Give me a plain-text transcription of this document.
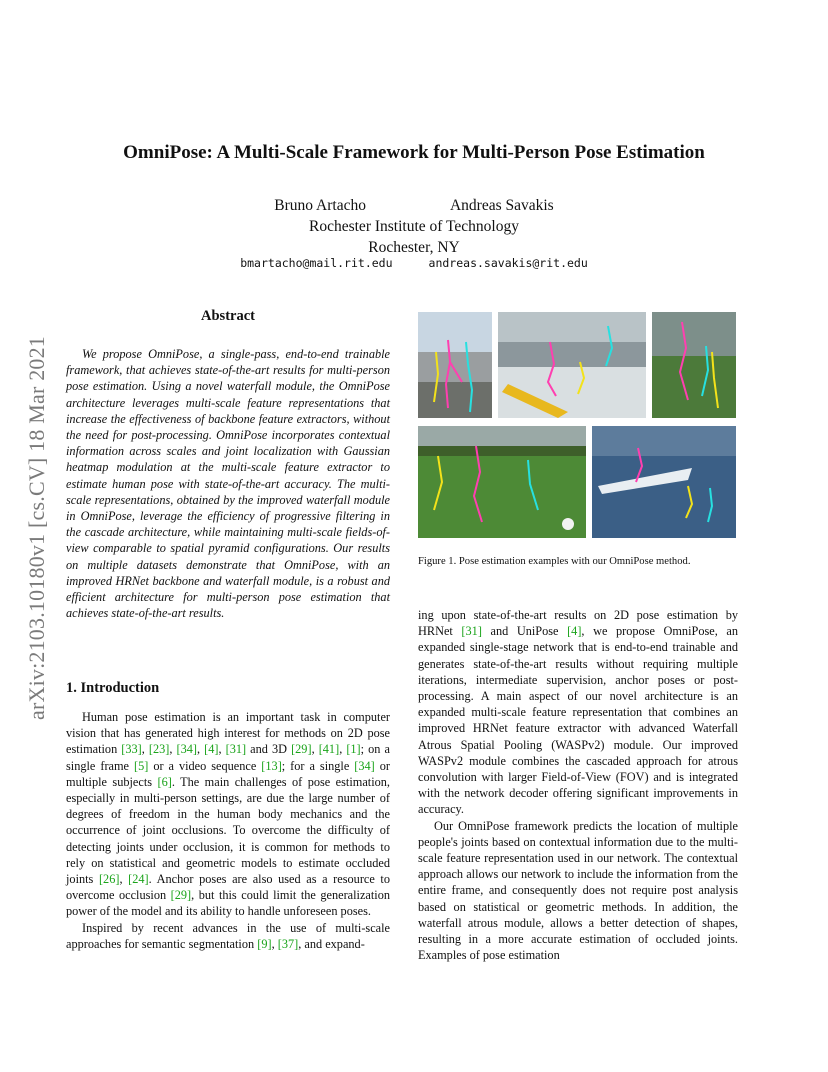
arXiv:2103.10180v1 [cs.CV] 18 Mar 2021
OmniPose: A Multi-Scale Framework for Multi-Person Pose Estimation
Bruno Artacho	Andreas Savakis
Rochester Institute of Technology
Rochester, NY
bmartacho@mail.rit.edu	andreas.savakis@rit.edu
Abstract
We propose OmniPose, a single-pass, end-to-end trainable framework, that achieves state-of-the-art results for multi-person pose estimation. Using a novel waterfall module, the OmniPose architecture leverages multi-scale feature representations that increase the effectiveness of backbone feature extractors, without the need for post-processing. OmniPose incorporates contextual information across scales and joint localization with Gaussian heatmap modulation at the multi-scale feature extractor to estimate human pose with state-of-the-art accuracy. The multi-scale representations, obtained by the improved waterfall module in OmniPose, leverage the efficiency of progressive filtering in the cascade architecture, while maintaining multi-scale fields-of-view comparable to spatial pyramid configurations. Our results on multiple datasets demonstrate that OmniPose, with an improved HRNet backbone and waterfall module, is a robust and efficient architecture for multi-person pose estimation that achieves state-of-the-art results.
1. Introduction

Human pose estimation is an important task in computer vision that has generated high interest for methods on 2D pose estimation [33], [23], [34], [4], [31] and 3D [29], [41], [1]; on a single frame [5] or a video sequence [13]; for a single [34] or multiple subjects [6]. The main challenges of pose estimation, especially in multi-person settings, are due the large number of degrees of freedom in the human body mechanics and the occurrence of joint occlusions. To overcome the difficulty of detecting joints under occlusion, it is common for methods to rely on statistical and geometric models to estimate occluded joints [26], [24]. Anchor poses are also used as a resource to overcome occlusion [29], but this could limit the generalization power of the model and its ability to handle unforeseen poses.

Inspired by recent advances in the use of multi-scale approaches for semantic segmentation [9], [37], and expand-

Figure 1. Pose estimation examples with our OmniPose method.

ing upon state-of-the-art results on 2D pose estimation by HRNet [31] and UniPose [4], we propose OmniPose, an expanded single-stage network that is end-to-end trainable and generates state-of-the-art results without requiring multiple iterations, intermediate supervision, anchor poses or post-processing. A main aspect of our novel architecture is an expanded multi-scale feature representation that combines an improved HRNet feature extractor with advanced Waterfall Atrous Spatial Pooling (WASPv2) module. Our improved WASPv2 module combines the cascaded approach for atrous convolution with larger Field-of-View (FOV) and is integrated with the network decoder offering significant improvements in accuracy.

Our OmniPose framework predicts the location of multiple people's joints based on contextual information due to the multi-scale feature representation used in our network. The contextual approach allows our network to include the information from the entire frame, and consequently does not require post analysis based on statistical or geometric methods. In addition, the waterfall atrous module, allows a better detection of shapes, resulting in a more accurate estimation of occluded joints. Examples of pose estimation
